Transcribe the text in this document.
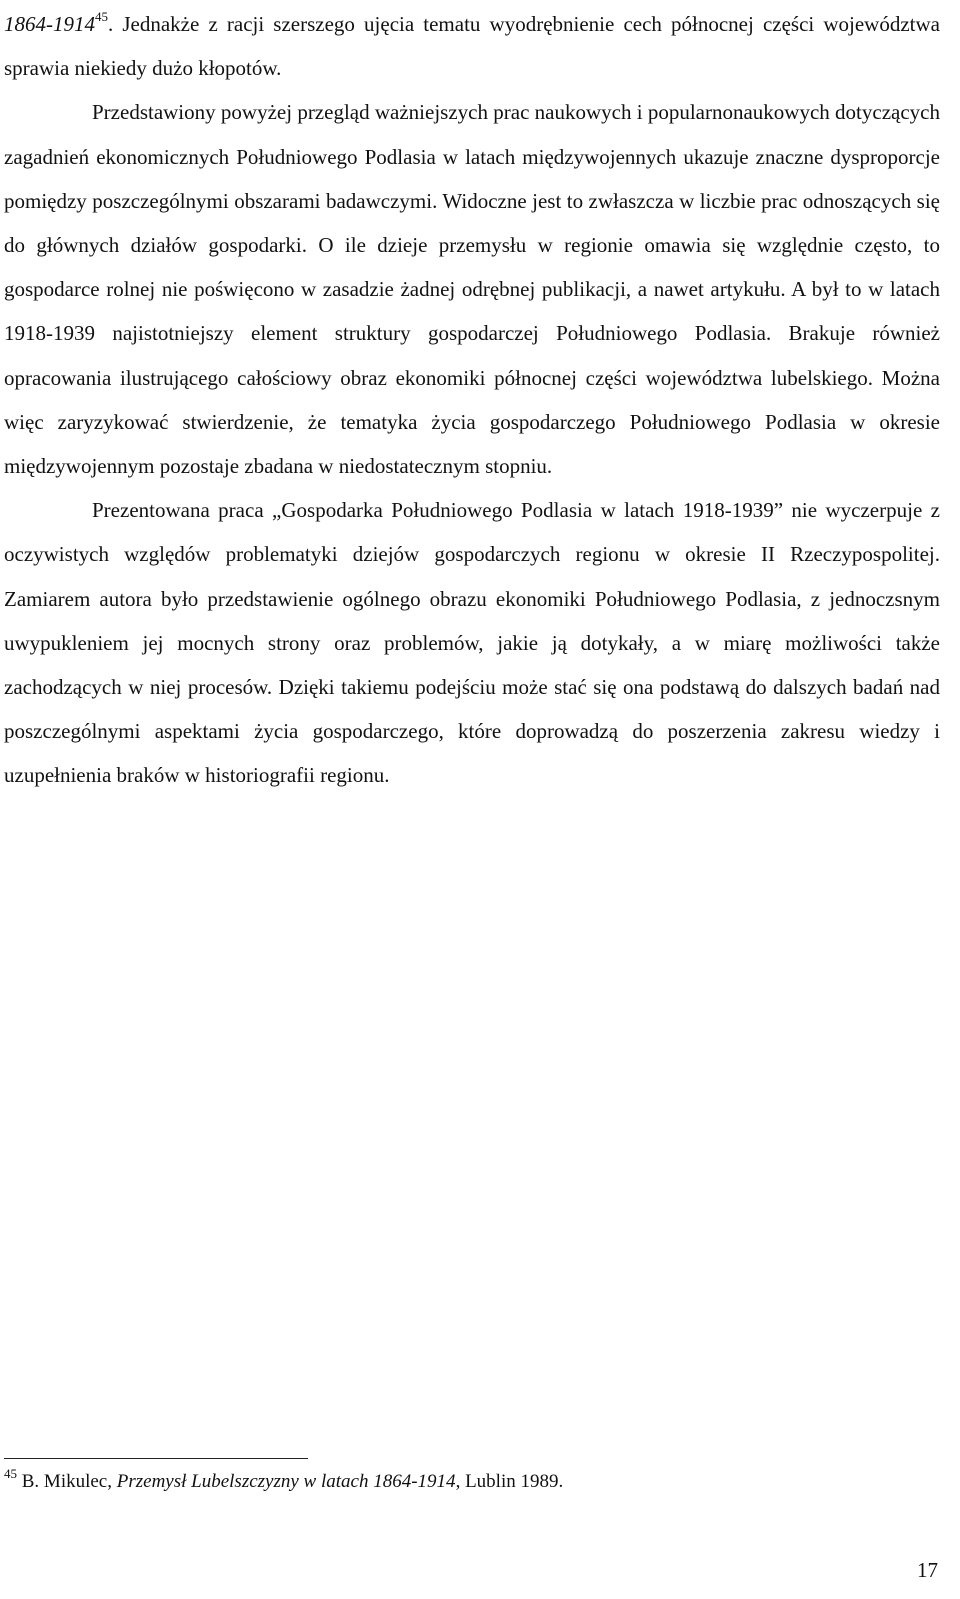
1864-1914$^{45}$. Jednakże z racji szerszego ujęcia tematu wyodrębnienie cech północnej części województwa sprawia niekiedy dużo kłopotów.

Przedstawiony powyżej przegląd ważniejszych prac naukowych i popularnonaukowych dotyczących zagadnień ekonomicznych Południowego Podlasia w latach międzywojennych ukazuje znaczne dysproporcje pomiędzy poszczególnymi obszarami badawczymi. Widoczne jest to zwłaszcza w liczbie prac odnoszących się do głównych działów gospodarki. O ile dzieje przemysłu w regionie omawia się względnie często, to gospodarce rolnej nie poświęcono w zasadzie żadnej odrębnej publikacji, a nawet artykułu. A był to w latach 1918-1939 najistotniejszy element struktury gospodarczej Południowego Podlasia. Brakuje również opracowania ilustrującego całościowy obraz ekonomiki północnej części województwa lubelskiego. Można więc zaryzykować stwierdzenie, że tematyka życia gospodarczego Południowego Podlasia w okresie międzywojennym pozostaje zbadana w niedostatecznym stopniu.

Prezentowana praca „Gospodarka Południowego Podlasia w latach 1918-1939” nie wyczerpuje z oczywistych względów problematyki dziejów gospodarczych regionu w okresie II Rzeczypospolitej. Zamiarem autora było przedstawienie ogólnego obrazu ekonomiki Południowego Podlasia, z jednoczsnym uwypukleniem jej mocnych strony oraz problemów, jakie ją dotykały, a w miarę możliwości także zachodzących w niej procesów. Dzięki takiemu podejściu może stać się ona podstawą do dalszych badań nad poszczególnymi aspektami życia gospodarczego, które doprowadzą do poszerzenia zakresu wiedzy i uzupełnienia braków w historiografii regionu.

$^{45}$ B. Mikulec, Przemysł Lubelszczyzny w latach 1864-1914, Lublin 1989.
17
